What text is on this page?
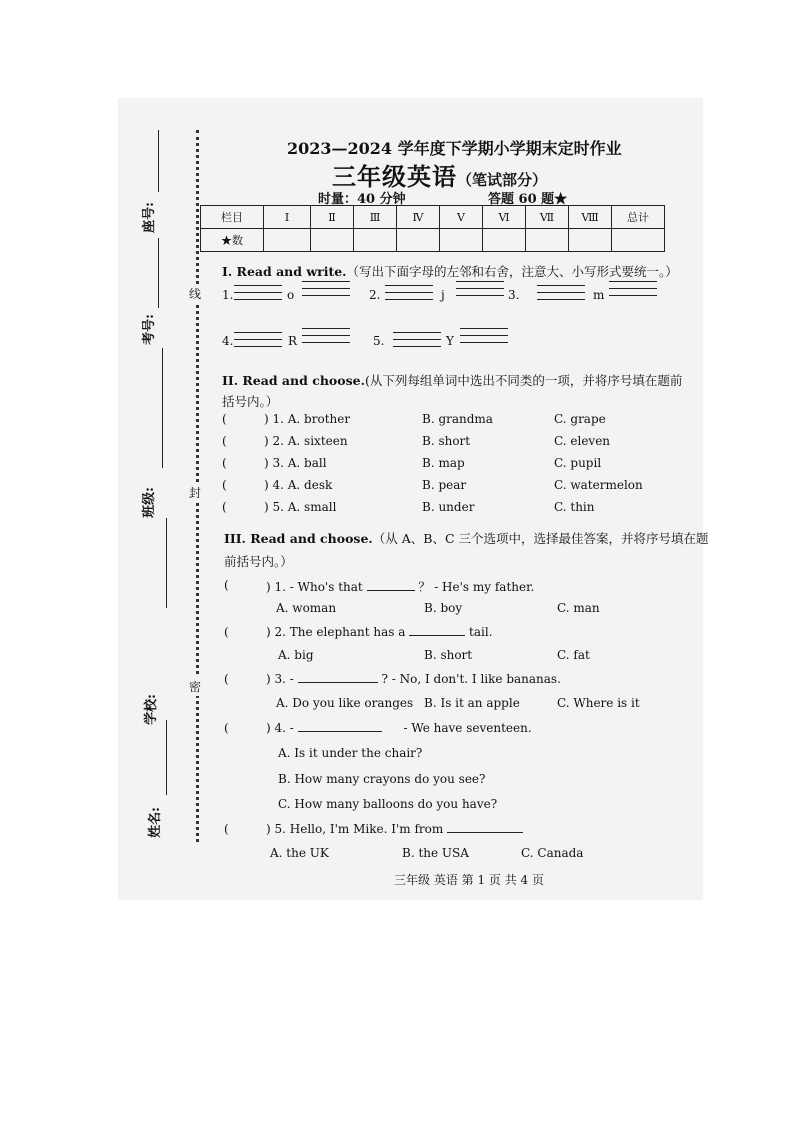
座号:
考号:
班级:
学校:
姓名:
线
封
密
2023—2024 学年度下学期小学期末定时作业
三年级英语（笔试部分）
时量：40 分钟	答题 60 题★
栏目	Ⅰ	Ⅱ	Ⅲ	Ⅳ	Ⅴ	Ⅵ	Ⅶ	Ⅷ	总计
★数									
I. Read and write.（写出下面字母的左邻和右舍，注意大、小写形式要统一。）
1.	o	2.	j	3.	m
4.	R	5.	Y
II. Read and choose.(从下列每组单词中选出不同类的一项，并将序号填在题前
括号内。）
(	) 1. A. brother	B. grandma	C. grape
(	) 2. A. sixteen	B. short	C. eleven
(	) 3. A. ball	B. map	C. pupil
(	) 4. A. desk	B. pear	C. watermelon
(	) 5. A. small	B. under	C. thin
III. Read and choose.（从 A、B、C 三个选项中，选择最佳答案，并将序号填在题
前括号内。）
(	) 1. - Who's that	？ - He's my father.
A. woman	B. boy	C. man
(	) 2. The elephant has a	tail.
A. big	B. short	C. fat
(	) 3. -	? - No, I don't. I like bananas.
A. Do you like oranges B. Is it an apple	C. Where is it
(	) 4. -	- We have seventeen.
A. Is it under the chair?
B. How many crayons do you see?
C. How many balloons do you have?
(	) 5. Hello, I'm Mike. I'm from
A. the UK	B. the USA	C. Canada
三年级 英语 第 1 页 共 4 页
